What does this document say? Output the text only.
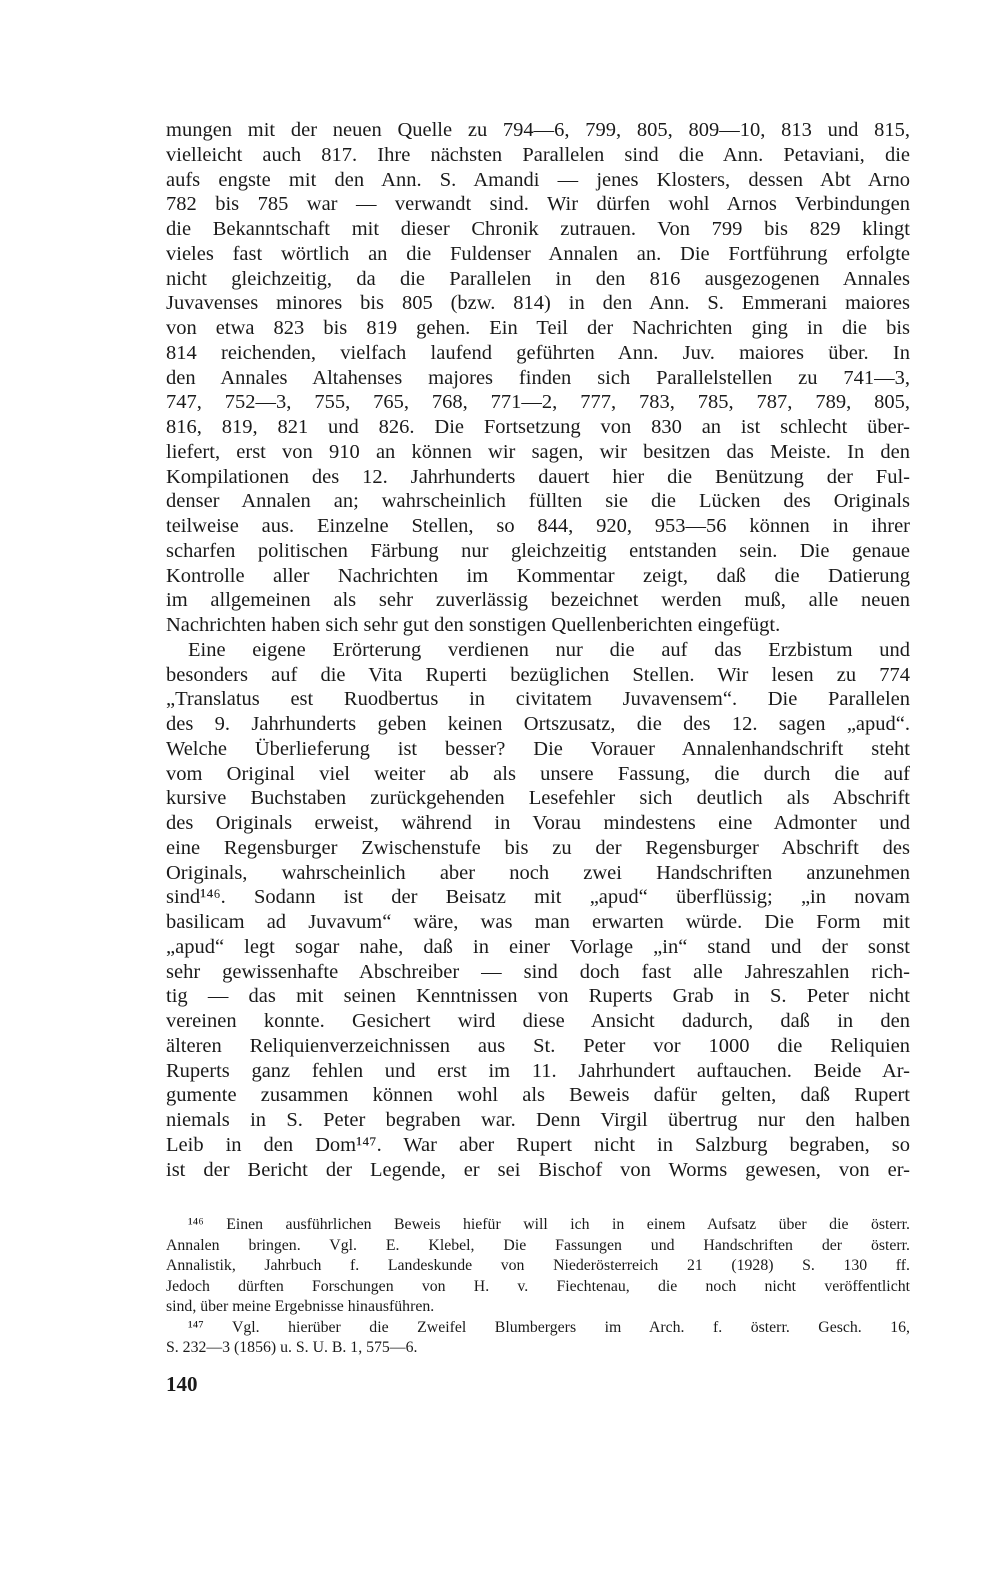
mungen mit der neuen Quelle zu 794—6, 799, 805, 809—10, 813 und 815,
vielleicht auch 817. Ihre nächsten Parallelen sind die Ann. Petaviani, die
aufs engste mit den Ann. S. Amandi — jenes Klosters, dessen Abt Arno
782 bis 785 war — verwandt sind. Wir dürfen wohl Arnos Verbindungen
die Bekanntschaft mit dieser Chronik zutrauen. Von 799 bis 829 klingt
vieles fast wörtlich an die Fuldenser Annalen an. Die Fortführung erfolgte
nicht gleichzeitig, da die Parallelen in den 816 ausgezogenen Annales
Juvavenses minores bis 805 (bzw. 814) in den Ann. S. Emmerani maiores
von etwa 823 bis 819 gehen. Ein Teil der Nachrichten ging in die bis
814 reichenden, vielfach laufend geführten Ann. Juv. maiores über. In
den Annales Altahenses majores finden sich Parallelstellen zu 741—3,
747, 752—3, 755, 765, 768, 771—2, 777, 783, 785, 787, 789, 805,
816, 819, 821 und 826. Die Fortsetzung von 830 an ist schlecht über-
liefert, erst von 910 an können wir sagen, wir besitzen das Meiste. In den
Kompilationen des 12. Jahrhunderts dauert hier die Benützung der Ful-
denser Annalen an; wahrscheinlich füllten sie die Lücken des Originals
teilweise aus. Einzelne Stellen, so 844, 920, 953—56 können in ihrer
scharfen politischen Färbung nur gleichzeitig entstanden sein. Die genaue
Kontrolle aller Nachrichten im Kommentar zeigt, daß die Datierung
im allgemeinen als sehr zuverlässig bezeichnet werden muß, alle neuen
Nachrichten haben sich sehr gut den sonstigen Quellenberichten eingefügt.
Eine eigene Erörterung verdienen nur die auf das Erzbistum und
besonders auf die Vita Ruperti bezüglichen Stellen. Wir lesen zu 774
„Translatus est Ruodbertus in civitatem Juvavensem“. Die Parallelen
des 9. Jahrhunderts geben keinen Ortszusatz, die des 12. sagen „apud“.
Welche Überlieferung ist besser? Die Vorauer Annalenhandschrift steht
vom Original viel weiter ab als unsere Fassung, die durch die auf
kursive Buchstaben zurückgehenden Lesefehler sich deutlich als Abschrift
des Originals erweist, während in Vorau mindestens eine Admonter und
eine Regensburger Zwischenstufe bis zu der Regensburger Abschrift des
Originals, wahrscheinlich aber noch zwei Handschriften anzunehmen
sind¹⁴⁶. Sodann ist der Beisatz mit „apud“ überflüssig; „in novam
basilicam ad Juvavum“ wäre, was man erwarten würde. Die Form mit
„apud“ legt sogar nahe, daß in einer Vorlage „in“ stand und der sonst
sehr gewissenhafte Abschreiber — sind doch fast alle Jahreszahlen rich-
tig — das mit seinen Kenntnissen von Ruperts Grab in S. Peter nicht
vereinen konnte. Gesichert wird diese Ansicht dadurch, daß in den
älteren Reliquienverzeichnissen aus St. Peter vor 1000 die Reliquien
Ruperts ganz fehlen und erst im 11. Jahrhundert auftauchen. Beide Ar-
gumente zusammen können wohl als Beweis dafür gelten, daß Rupert
niemals in S. Peter begraben war. Denn Virgil übertrug nur den halben
Leib in den Dom¹⁴⁷. War aber Rupert nicht in Salzburg begraben, so
ist der Bericht der Legende, er sei Bischof von Worms gewesen, von er-
¹⁴⁶ Einen ausführlichen Beweis hiefür will ich in einem Aufsatz über die österr.
Annalen bringen. Vgl. E. Klebel, Die Fassungen und Handschriften der österr.
Annalistik, Jahrbuch f. Landeskunde von Niederösterreich 21 (1928) S. 130 ff.
Jedoch dürften Forschungen von H. v. Fiechtenau, die noch nicht veröffentlicht
sind, über meine Ergebnisse hinausführen.
¹⁴⁷ Vgl. hierüber die Zweifel Blumbergers im Arch. f. österr. Gesch. 16,
S. 232—3 (1856) u. S. U. B. 1, 575—6.
140
